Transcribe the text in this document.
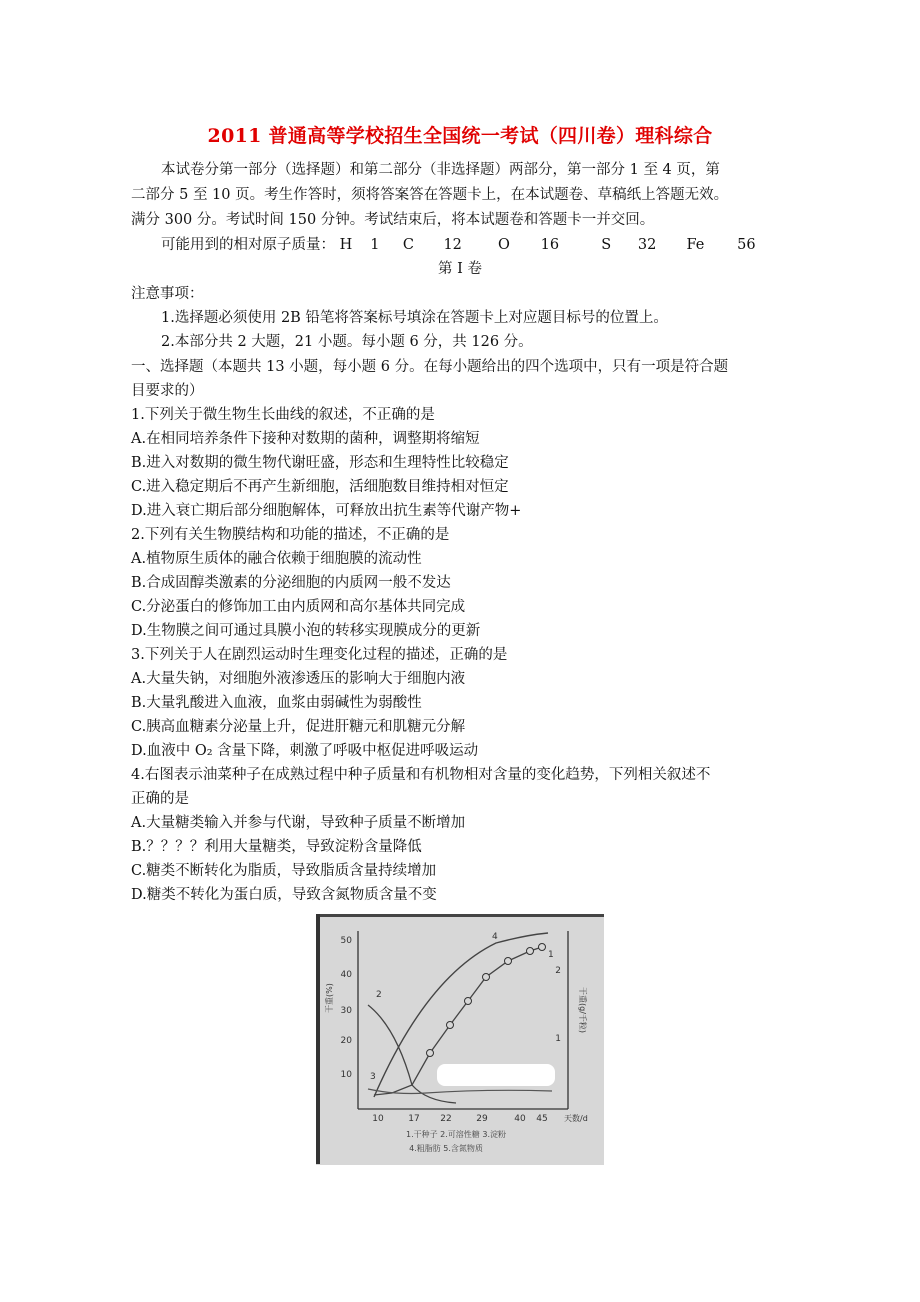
2011 普通高等学校招生全国统一考试（四川卷）理科综合
本试卷分第一部分（选择题）和第二部分（非选择题）两部分，第一部分 1 至 4 页，第
二部分 5 至 10 页。考生作答时，须将答案答在答题卡上，在本试题卷、草稿纸上答题无效。
满分 300 分。考试时间 150 分钟。考试结束后，将本试题卷和答题卡一并交回。
可能用到的相对原子质量： H 1 C 12 O 16	S 32 Fe 56
第 I 卷
注意事项：
1.选择题必须使用 2B 铅笔将答案标号填涂在答题卡上对应题目标号的位置上。
2.本部分共 2 大题，21 小题。每小题 6 分，共 126 分。
一、选择题（本题共 13 小题，每小题 6 分。在每小题给出的四个选项中，只有一项是符合题
目要求的）
1.下列关于微生物生长曲线的叙述，不正确的是
A.在相同培养条件下接种对数期的菌种，调整期将缩短
B.进入对数期的微生物代谢旺盛，形态和生理特性比较稳定
C.进入稳定期后不再产生新细胞，活细胞数目维持相对恒定
D.进入衰亡期后部分细胞解体，可释放出抗生素等代谢产物+
2.下列有关生物膜结构和功能的描述，不正确的是
A.植物原生质体的融合依赖于细胞膜的流动性
B.合成固醇类激素的分泌细胞的内质网一般不发达
C.分泌蛋白的修饰加工由内质网和高尔基体共同完成
D.生物膜之间可通过具膜小泡的转移实现膜成分的更新
3.下列关于人在剧烈运动时生理变化过程的描述，正确的是
A.大量失钠，对细胞外液渗透压的影响大于细胞内液
B.大量乳酸进入血液，血浆由弱碱性为弱酸性
C.胰高血糖素分泌量上升，促进肝糖元和肌糖元分解
D.血液中 O₂ 含量下降，刺激了呼吸中枢促进呼吸运动
4.右图表示油菜种子在成熟过程中种子质量和有机物相对含量的变化趋势，下列相关叙述不
正确的是
A.大量糖类输入并参与代谢，导致种子质量不断增加
B.？？？？利用大量糖类，导致淀粉含量降低
C.糖类不断转化为脂质，导致脂质含量持续增加
D.糖类不转化为蛋白质，导致含氮物质含量不变
50
40
30
20
10
干重(%)
2
1
干重(g/千粒)
10	17 22	29	40 45 天数/d
4
1
2
3
1.干种子 2.可溶性糖 3.淀粉
4.粗脂肪 5.含氮物质
